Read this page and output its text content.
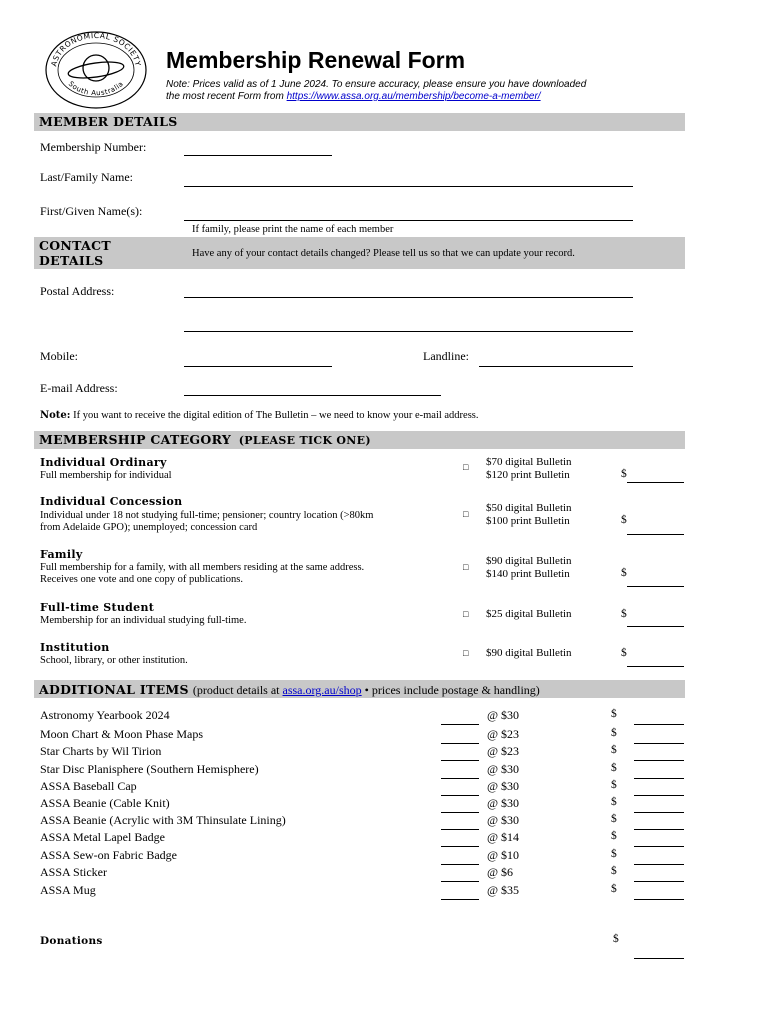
ASTRONOMICAL SOCIETY
South Australia
Membership Renewal Form
Note: Prices valid as of 1 June 2024. To ensure accuracy, please ensure you have downloaded
the most recent Form from https://www.assa.org.au/membership/become-a-member/
MEMBER DETAILS
Membership Number:
Last/Family Name:
First/Given Name(s):
If family, please print the name of each member
CONTACT
DETAILS	Have any of your contact details changed? Please tell us so that we can update your record.
Postal Address:
Mobile:	Landline:
E-mail Address:
Note: If you want to receive the digital edition of The Bulletin – we need to know your e-mail address.
MEMBERSHIP CATEGORY (PLEASE TICK ONE)
Individual Ordinary
Full membership for individual
□ $70 digital Bulletin
$120 print Bulletin	$
Individual Concession
Individual under 18 not studying full-time; pensioner; country location (>80km
from Adelaide GPO); unemployed; concession card
□ $50 digital Bulletin
$100 print Bulletin	$
Family
Full membership for a family, with all members residing at the same address.
Receives one vote and one copy of publications.
□ $90 digital Bulletin
$140 print Bulletin	$
Full-time Student
Membership for an individual studying full-time.
□ $25 digital Bulletin	$
Institution
School, library, or other institution.
□ $90 digital Bulletin	$
ADDITIONAL ITEMS (product details at assa.org.au/shop • prices include postage & handling)
Astronomy Yearbook 2024	@ $30	$
Moon Chart & Moon Phase Maps	@ $23	$
Star Charts by Wil Tirion	@ $23	$
Star Disc Planisphere (Southern Hemisphere)	@ $30	$
ASSA Baseball Cap	@ $30	$
ASSA Beanie (Cable Knit)	@ $30	$
ASSA Beanie (Acrylic with 3M Thinsulate Lining)	@ $30	$
ASSA Metal Lapel Badge	@ $14	$
ASSA Sew-on Fabric Badge	@ $10	$
ASSA Sticker	@ $6	$
ASSA Mug	@ $35	$
Donations	$
